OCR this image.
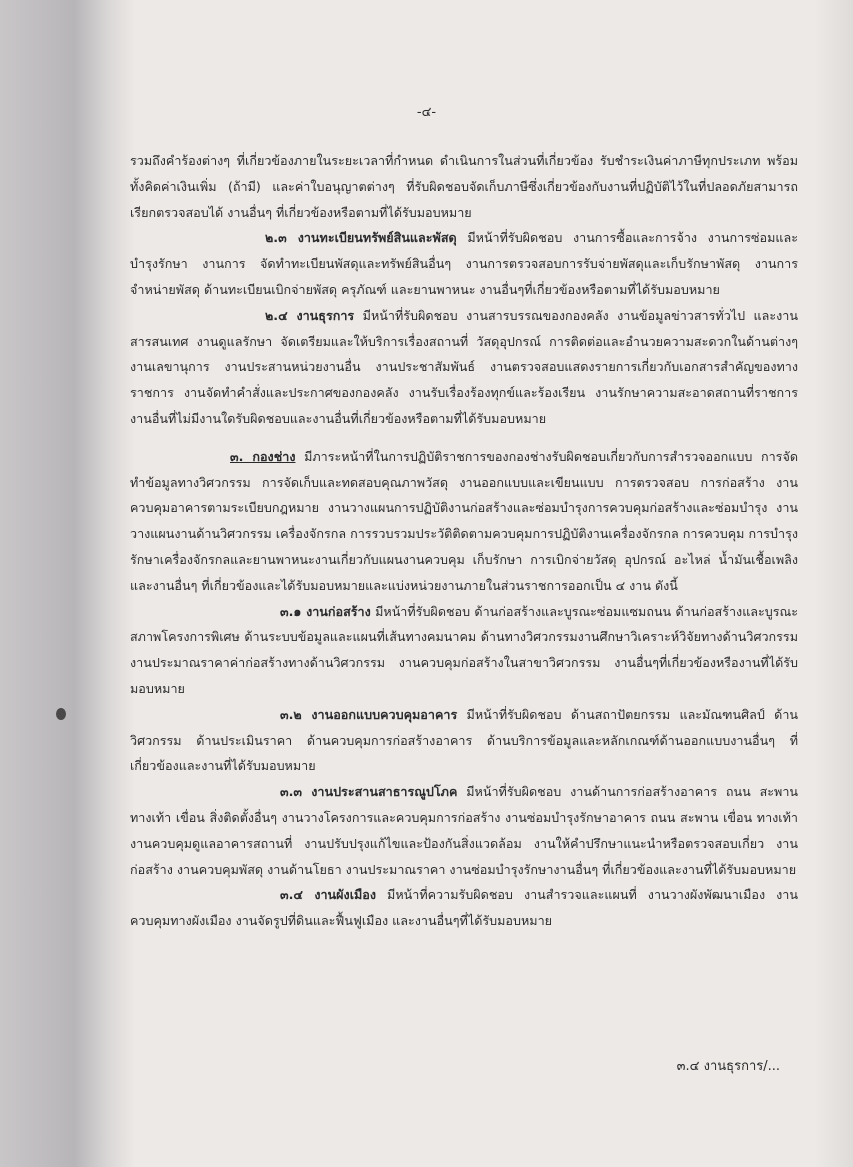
-๔-

รวมถึงคำร้องต่างๆ ที่เกี่ยวข้องภายในระยะเวลาที่กำหนด ดำเนินการในส่วนที่เกี่ยวข้อง รับชำระเงินค่าภาษีทุกประเภท พร้อมทั้งคิดค่าเงินเพิ่ม (ถ้ามี) และค่าใบอนุญาตต่างๆ ที่รับผิดชอบจัดเก็บภาษีซึ่งเกี่ยวข้องกับงานที่ปฏิบัติไว้ในที่ปลอดภัยสามารถเรียกตรวจสอบได้ งานอื่นๆ ที่เกี่ยวข้องหรือตามที่ได้รับมอบหมาย

๒.๓ งานทะเบียนทรัพย์สินและพัสดุ มีหน้าที่รับผิดชอบ งานการซื้อและการจ้าง งานการซ่อมและบำรุงรักษา งานการ จัดทำทะเบียนพัสดุและทรัพย์สินอื่นๆ งานการตรวจสอบการรับจ่ายพัสดุและเก็บรักษาพัสดุ งานการจำหน่ายพัสดุ ด้านทะเบียนเบิกจ่ายพัสดุ ครุภัณฑ์ และยานพาหนะ งานอื่นๆที่เกี่ยวข้องหรือตามที่ได้รับมอบหมาย

๒.๔ งานธุรการ มีหน้าที่รับผิดชอบ งานสารบรรณของกองคลัง งานข้อมูลข่าวสารทั่วไป และงานสารสนเทศ งานดูแลรักษา จัดเตรียมและให้บริการเรื่องสถานที่ วัสดุอุปกรณ์ การติดต่อและอำนวยความสะดวกในด้านต่างๆ งานเลขานุการ งานประสานหน่วยงานอื่น งานประชาสัมพันธ์ งานตรวจสอบแสดงรายการเกี่ยวกับเอกสารสำคัญของทางราชการ งานจัดทำคำสั่งและประกาศของกองคลัง งานรับเรื่องร้องทุกข์และร้องเรียน งานรักษาความสะอาดสถานที่ราชการ งานอื่นที่ไม่มีงานใดรับผิดชอบและงานอื่นที่เกี่ยวข้องหรือตามที่ได้รับมอบหมาย

๓. กองช่าง มีภาระหน้าที่ในการปฏิบัติราชการของกองช่างรับผิดชอบเกี่ยวกับการสำรวจออกแบบ การจัดทำข้อมูลทางวิศวกรรม การจัดเก็บและทดสอบคุณภาพวัสดุ งานออกแบบและเขียนแบบ การตรวจสอบ การก่อสร้าง งานควบคุมอาคารตามระเบียบกฎหมาย งานวางแผนการปฏิบัติงานก่อสร้างและซ่อมบำรุงการควบคุมก่อสร้างและซ่อมบำรุง งานวางแผนงานด้านวิศวกรรม เครื่องจักรกล การรวบรวมประวัติติดตามควบคุมการปฏิบัติงานเครื่องจักรกล การควบคุม การบำรุงรักษาเครื่องจักรกลและยานพาหนะงานเกี่ยวกับแผนงานควบคุม เก็บรักษา การเบิกจ่ายวัสดุ อุปกรณ์ อะไหล่ น้ำมันเชื้อเพลิง และงานอื่นๆ ที่เกี่ยวข้องและได้รับมอบหมายและแบ่งหน่วยงานภายในส่วนราชการออกเป็น ๔ งาน ดังนี้

๓.๑ งานก่อสร้าง มีหน้าที่รับผิดชอบ ด้านก่อสร้างและบูรณะซ่อมแซมถนน ด้านก่อสร้างและบูรณะสภาพโครงการพิเศษ ด้านระบบข้อมูลและแผนที่เส้นทางคมนาคม ด้านทางวิศวกรรมงานศึกษาวิเคราะห์วิจัยทางด้านวิศวกรรม งานประมาณราคาค่าก่อสร้างทางด้านวิศวกรรม งานควบคุมก่อสร้างในสาขาวิศวกรรม งานอื่นๆที่เกี่ยวข้องหรืองานที่ได้รับมอบหมาย

๓.๒ งานออกแบบควบคุมอาคาร มีหน้าที่รับผิดชอบ ด้านสถาปัตยกรรม และมัณฑนศิลป์ ด้านวิศวกรรม ด้านประเมินราคา ด้านควบคุมการก่อสร้างอาคาร ด้านบริการข้อมูลและหลักเกณฑ์ด้านออกแบบงานอื่นๆ ที่เกี่ยวข้องและงานที่ได้รับมอบหมาย

๓.๓ งานประสานสาธารณูปโภค มีหน้าที่รับผิดชอบ งานด้านการก่อสร้างอาคาร ถนน สะพานทางเท้า เขื่อน สิ่งติดตั้งอื่นๆ งานวางโครงการและควบคุมการก่อสร้าง งานซ่อมบำรุงรักษาอาคาร ถนน สะพาน เขื่อน ทางเท้า งานควบคุมดูแลอาคารสถานที่ งานปรับปรุงแก้ไขและป้องกันสิ่งแวดล้อม งานให้คำปรึกษาแนะนำหรือตรวจสอบเกี่ยว งานก่อสร้าง งานควบคุมพัสดุ งานด้านโยธา งานประมาณราคา งานซ่อมบำรุงรักษางานอื่นๆ ที่เกี่ยวข้องและงานที่ได้รับมอบหมาย

๓.๔ งานผังเมือง มีหน้าที่ความรับผิดชอบ งานสำรวจและแผนที่ งานวางผังพัฒนาเมือง งานควบคุมทางผังเมือง งานจัดรูปที่ดินและฟื้นฟูเมือง และงานอื่นๆที่ได้รับมอบหมาย

๓.๔ งานธุรการ/...
